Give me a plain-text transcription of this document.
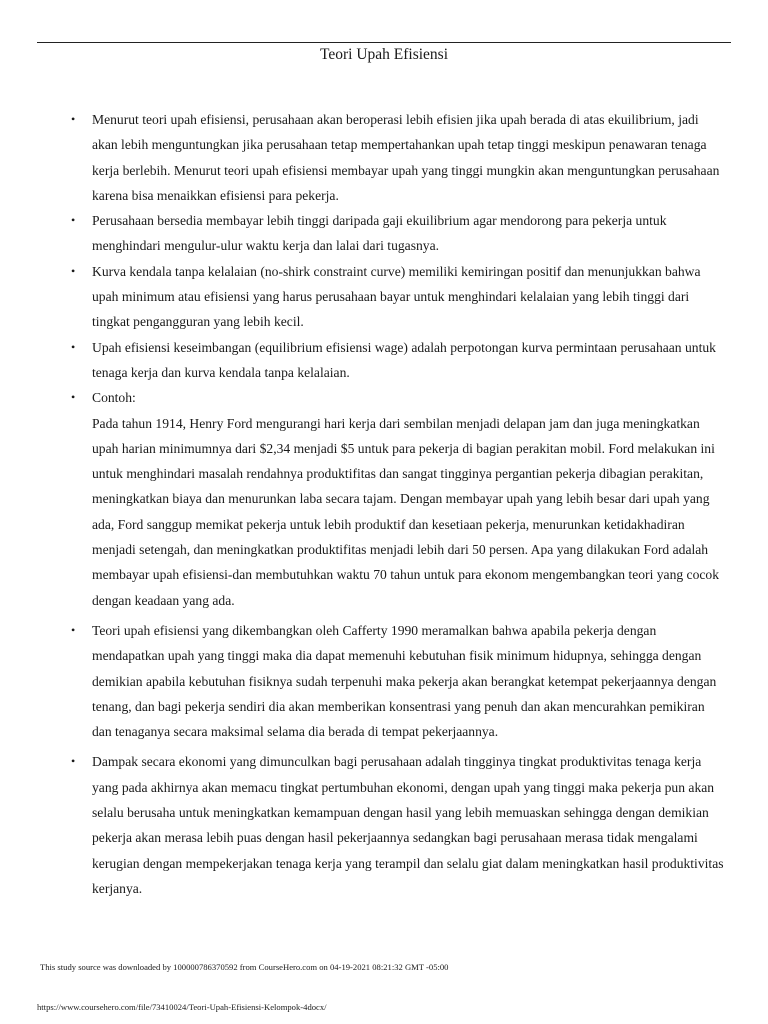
Teori Upah Efisiensi
• Menurut teori upah efisiensi, perusahaan akan beroperasi lebih efisien jika upah berada di atas ekuilibrium, jadi akan lebih menguntungkan jika perusahaan tetap mempertahankan upah tetap tinggi meskipun penawaran tenaga kerja berlebih. Menurut teori upah efisiensi membayar upah yang tinggi mungkin akan menguntungkan perusahaan karena bisa menaikkan efisiensi para pekerja.
• Perusahaan bersedia membayar lebih tinggi daripada gaji ekuilibrium agar mendorong para pekerja untuk menghindari mengulur-ulur waktu kerja dan lalai dari tugasnya.
• Kurva kendala tanpa kelalaian (no-shirk constraint curve) memiliki kemiringan positif dan menunjukkan bahwa upah minimum atau efisiensi yang harus perusahaan bayar untuk menghindari kelalaian yang lebih tinggi dari tingkat pengangguran yang lebih kecil.
• Upah efisiensi keseimbangan (equilibrium efisiensi wage) adalah perpotongan kurva permintaan perusahaan untuk tenaga kerja dan kurva kendala tanpa kelalaian.
• Contoh:
Pada tahun 1914, Henry Ford mengurangi hari kerja dari sembilan menjadi delapan jam dan juga meningkatkan upah harian minimumnya dari $2,34 menjadi $5 untuk para pekerja di bagian perakitan mobil. Ford melakukan ini untuk menghindari masalah rendahnya produktifitas dan sangat tingginya pergantian pekerja dibagian perakitan, meningkatkan biaya dan menurunkan laba secara tajam. Dengan membayar upah yang lebih besar dari upah yang ada, Ford sanggup memikat pekerja untuk lebih produktif dan kesetiaan pekerja, menurunkan ketidakhadiran menjadi setengah, dan meningkatkan produktifitas menjadi lebih dari 50 persen. Apa yang dilakukan Ford adalah membayar upah efisiensi-dan membutuhkan waktu 70 tahun untuk para ekonom mengembangkan teori yang cocok dengan keadaan yang ada.
• Teori upah efisiensi yang dikembangkan oleh Cafferty 1990 meramalkan bahwa apabila pekerja dengan mendapatkan upah yang tinggi maka dia dapat memenuhi kebutuhan fisik minimum hidupnya, sehingga dengan demikian apabila kebutuhan fisiknya sudah terpenuhi maka pekerja akan berangkat ketempat pekerjaannya dengan tenang, dan bagi pekerja sendiri dia akan memberikan konsentrasi yang penuh dan akan mencurahkan pemikiran dan tenaganya secara maksimal selama dia berada di tempat pekerjaannya.
• Dampak secara ekonomi yang dimunculkan bagi perusahaan adalah tingginya tingkat produktivitas tenaga kerja yang pada akhirnya akan memacu tingkat pertumbuhan ekonomi, dengan upah yang tinggi maka pekerja pun akan selalu berusaha untuk meningkatkan kemampuan dengan hasil yang lebih memuaskan sehingga dengan demikian pekerja akan merasa lebih puas dengan hasil pekerjaannya sedangkan bagi perusahaan merasa tidak mengalami kerugian dengan mempekerjakan tenaga kerja yang terampil dan selalu giat dalam meningkatkan hasil produktivitas kerjanya.
This study source was downloaded by 100000786370592 from CourseHero.com on 04-19-2021 08:21:32 GMT -05:00
https://www.coursehero.com/file/73410024/Teori-Upah-Efisiensi-Kelompok-4docx/
